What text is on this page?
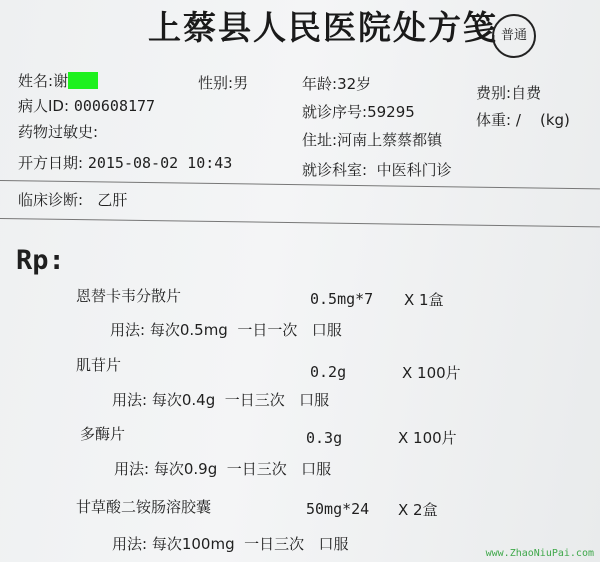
上蔡县人民医院处方笺 普通
姓名:谢	性别:男	年龄:32岁	费别:自费
病人ID: 000608177	就诊序号:59295	体重: / (kg)
药物过敏史:	住址:河南上蔡蔡都镇
开方日期: 2015-08-02 10:43	就诊科室: 中医科门诊
临床诊断: 乙肝
Rp:
恩替卡韦分散片	0.5mg*7 X 1盒
用法: 每次0.5mg 一日一次 口服
肌苷片	0.2g	X 100片
用法: 每次0.4g 一日三次 口服
多酶片	0.3g	X 100片
用法: 每次0.9g 一日三次 口服
甘草酸二铵肠溶胶囊	50mg*24 X 2盒
用法: 每次100mg 一日三次 口服
www.ZhaoNiuPai.com
